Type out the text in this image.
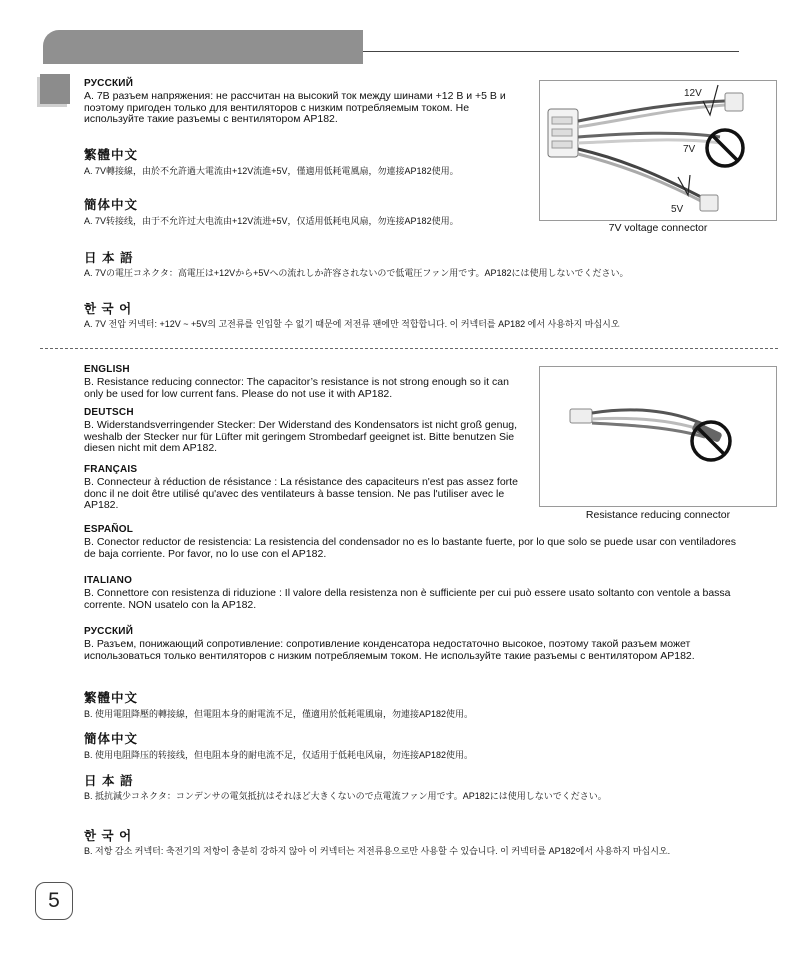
РУССКИЙ
A. 7В разъем напряжения: не рассчитан на высокий ток между шинами +12 В и +5 В и поэтому пригоден только для вентиляторов с низким потребляемым током. Не используйте такие разъемы с вентилятором AP182.
繁體中文
A. 7V轉接線，由於不允許過大電流由+12V流進+5V，僅適用低耗電風扇，勿連接AP182使用。
簡体中文
A. 7V转接线，由于不允许过大电流由+12V流进+5V，仅适用低耗电风扇，勿连接AP182使用。
日 本 語
A. 7Vの電圧コネクタ：高電圧は+12Vから+5Vへの流れしか許容されないので低電圧ファン用です。AP182には使用しないでください。
한 국 어
A. 7V 전압 커넥터: +12V ~ +5V의 고전류를 인입할 수 없기 때문에 저전류 팬에만 적합합니다. 이 커넥터를 AP182 에서 사용하지 마십시오
12V
7V
5V
7V voltage connector
ENGLISH
B. Resistance reducing connector: The capacitor’s resistance is not strong enough so it can only be used for low current fans. Please do not use it with AP182.
DEUTSCH
B. Widerstandsverringender Stecker: Der Widerstand des Kondensators ist nicht groß genug, weshalb der Stecker nur für Lüfter mit geringem Strombedarf geeignet ist. Bitte benutzen Sie diesen nicht mit dem AP182.
FRANÇAIS
B. Connecteur à réduction de résistance : La résistance des capaciteurs n'est pas assez forte donc il ne doit être utilisé qu'avec des ventilateurs à basse tension. Ne pas l'utiliser avec le AP182.
ESPAÑOL
B. Conector reductor de resistencia: La resistencia del condensador no es lo bastante fuerte, por lo que solo se puede usar con ventiladores de baja corriente. Por favor, no lo use con el AP182.
ITALIANO
B. Connettore con resistenza di riduzione : Il valore della resistenza non è sufficiente per cui può essere usato soltanto con ventole a bassa corrente. NON usatelo con la AP182.
РУССКИЙ
B. Разъем, понижающий сопротивление: сопротивление конденсатора недостаточно высокое, поэтому такой разъем может использоваться только вентиляторов с низким потребляемым током. Не используйте такие разъемы с вентилятором AP182.
繁體中文
B. 使用電阻降壓的轉接線，但電阻本身的耐電流不足，僅適用於低耗電風扇，勿連接AP182使用。
簡体中文
B. 使用电阻降压的转接线，但电阻本身的耐电流不足，仅适用于低耗电风扇，勿连接AP182使用。
日 本 語
B. 抵抗減少コネクタ：コンデンサの電気抵抗はそれほど大きくないので点電流ファン用です。AP182には使用しないでください。
한 국 어
B. 저항 감소 커넥터: 축전기의 저항이 충분히 강하지 않아 이 커넥터는 저전류용으로만 사용할 수 있습니다. 이 커넥터를 AP182에서 사용하지 마십시오.
Resistance reducing connector
5
